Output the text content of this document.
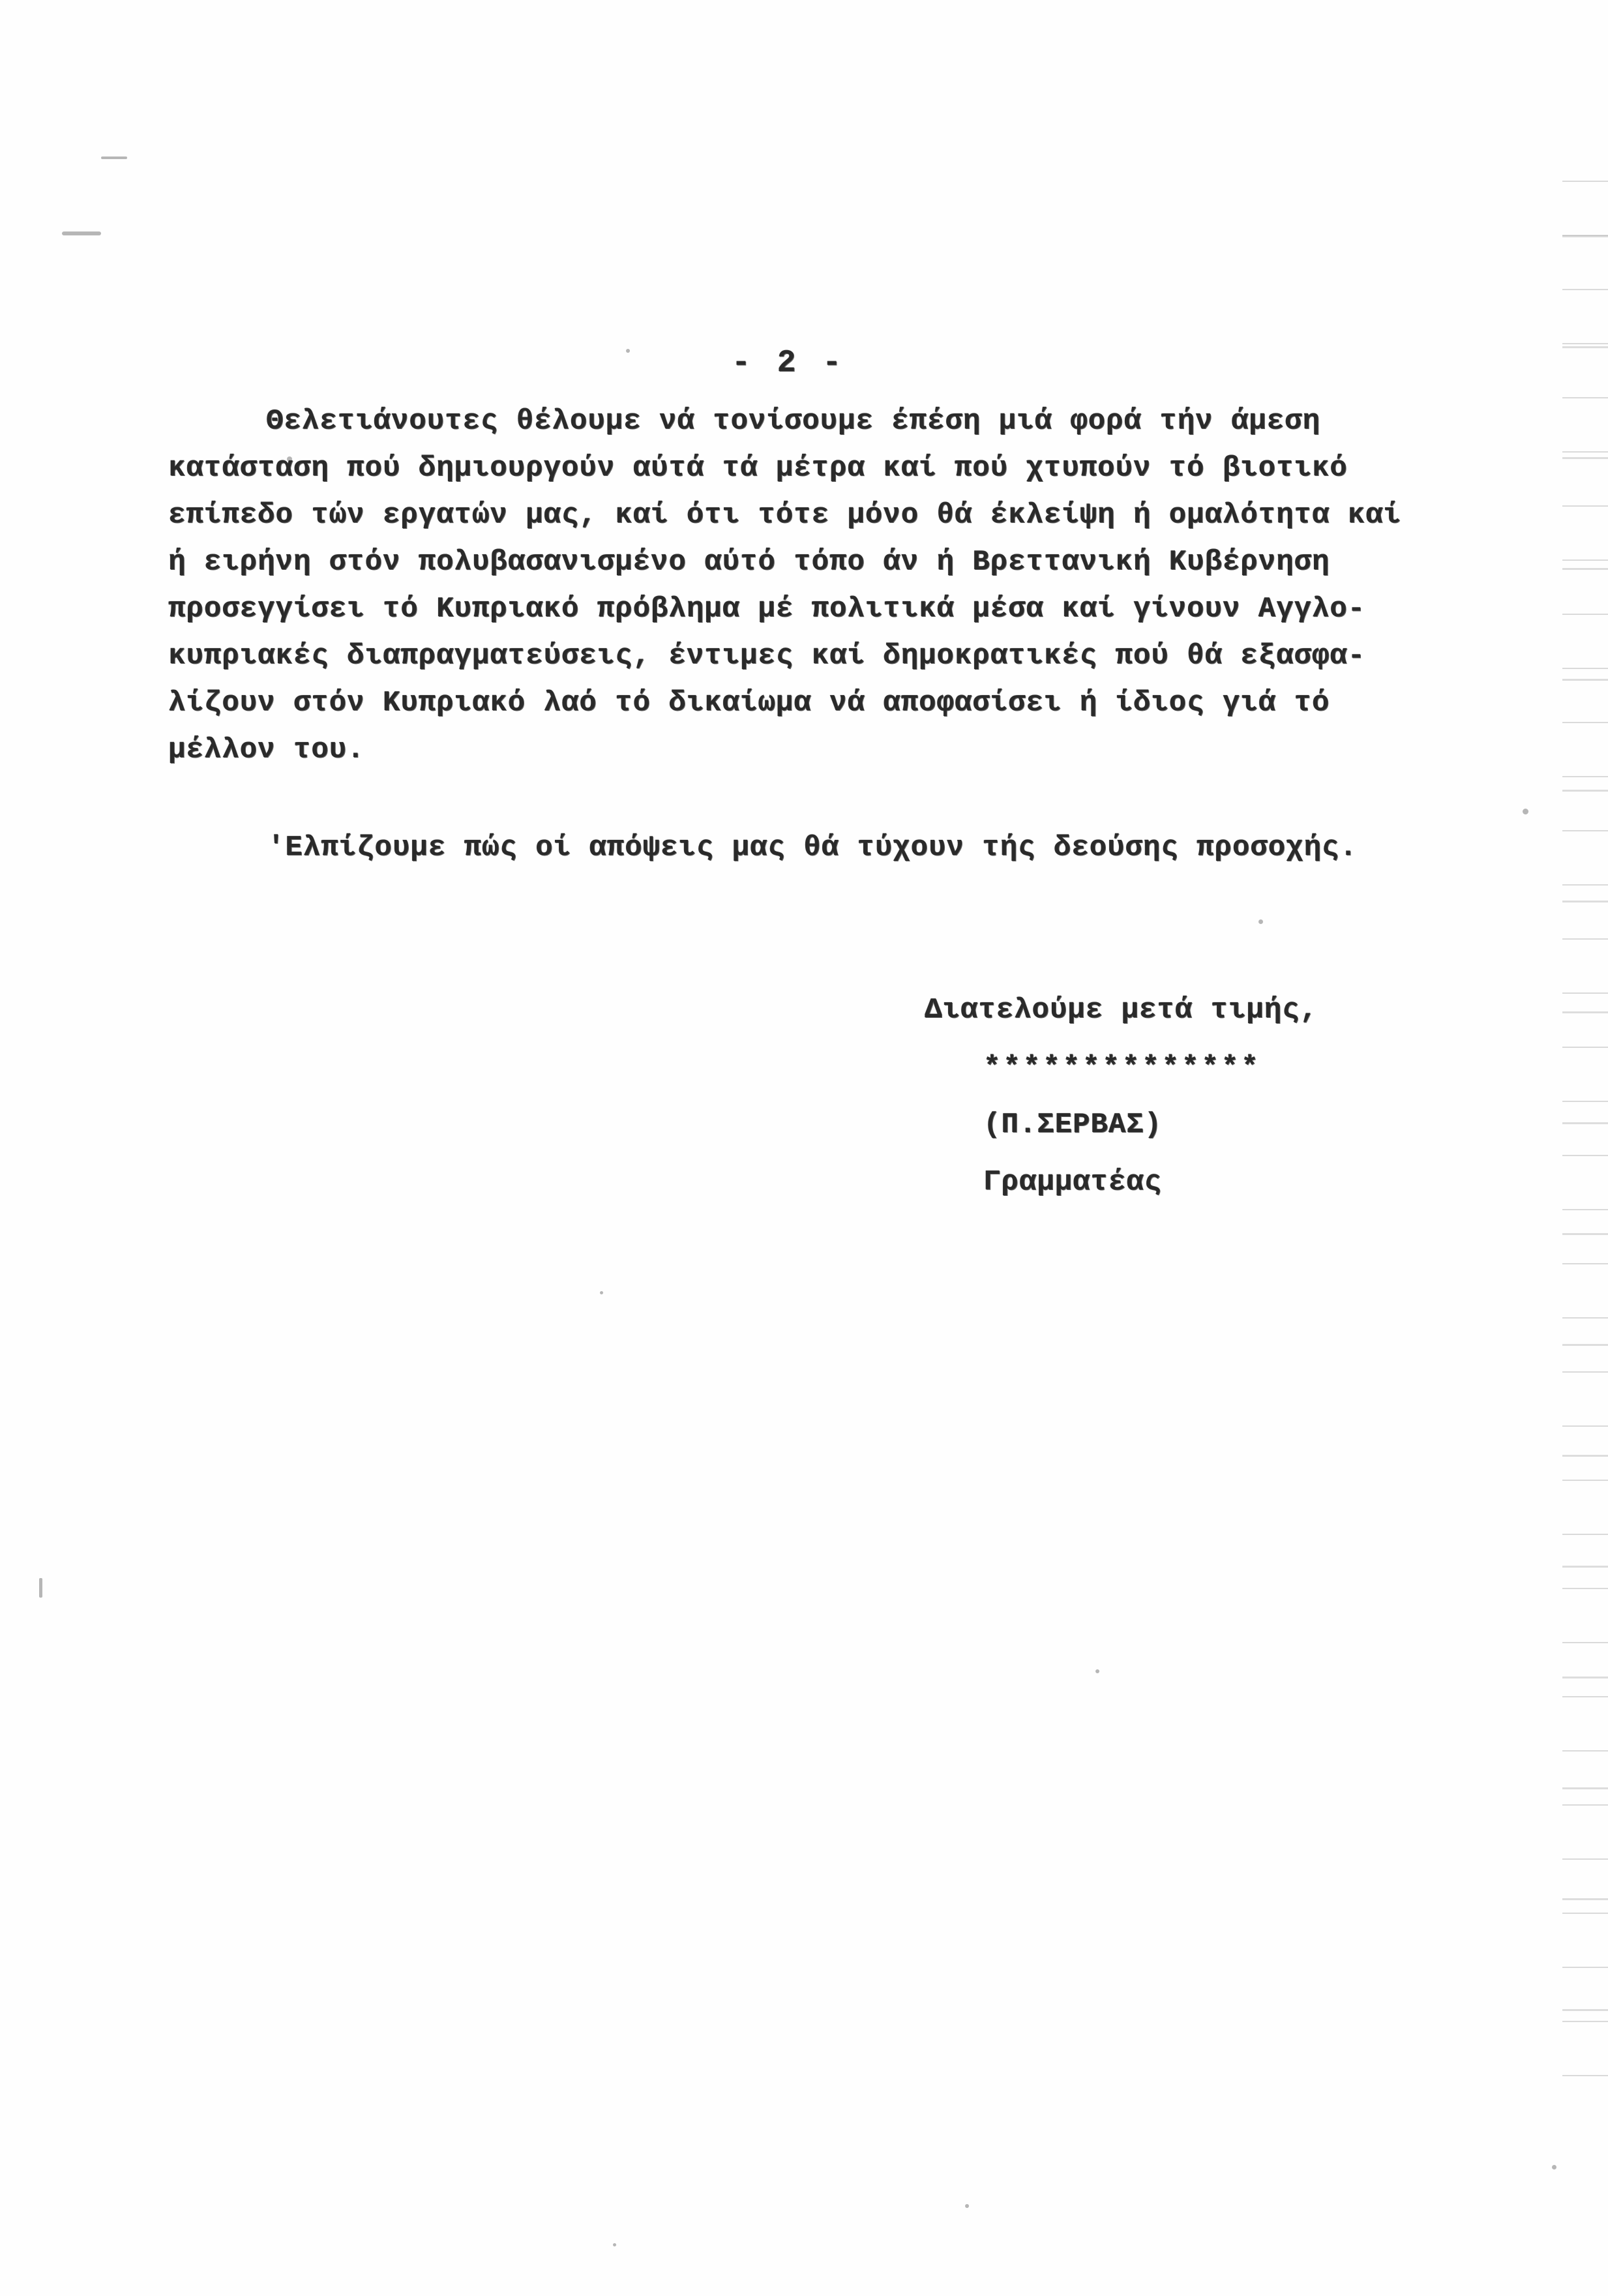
- 2 -
Θελετιάνουτες θέλουμε νά τονίσουμε έπέση μιά φορά τήν άμεση
κατάσταση πού δημιουργούν αύτά τά μέτρα καί πού χτυπούν τό βιοτικό
επίπεδο τών εργατών μας, καί ότι τότε μόνο θά έκλείψη ή ομαλότητα καί
ή ειρήνη στόν πολυβασανισμένο αύτό τόπο άν ή Βρεττανική Κυβέρνηση
προσεγγίσει τό Κυπριακό πρόβλημα μέ πολιτικά μέσα καί γίνουν Αγγλο-
κυπριακές διαπραγματεύσεις, έντιμες καί δημοκρατικές πού θά εξασφα-
λίζουν στόν Κυπριακό λαό τό δικαίωμα νά αποφασίσει ή ίδιος γιά τό
μέλλον του.
'Ελπίζουμε πώς οί απόψεις μας θά τύχουν τής δεούσης προσοχής.
Διατελούμε μετά τιμής,
**************
(Π.ΣΕΡΒΑΣ)
Γραμματέας
